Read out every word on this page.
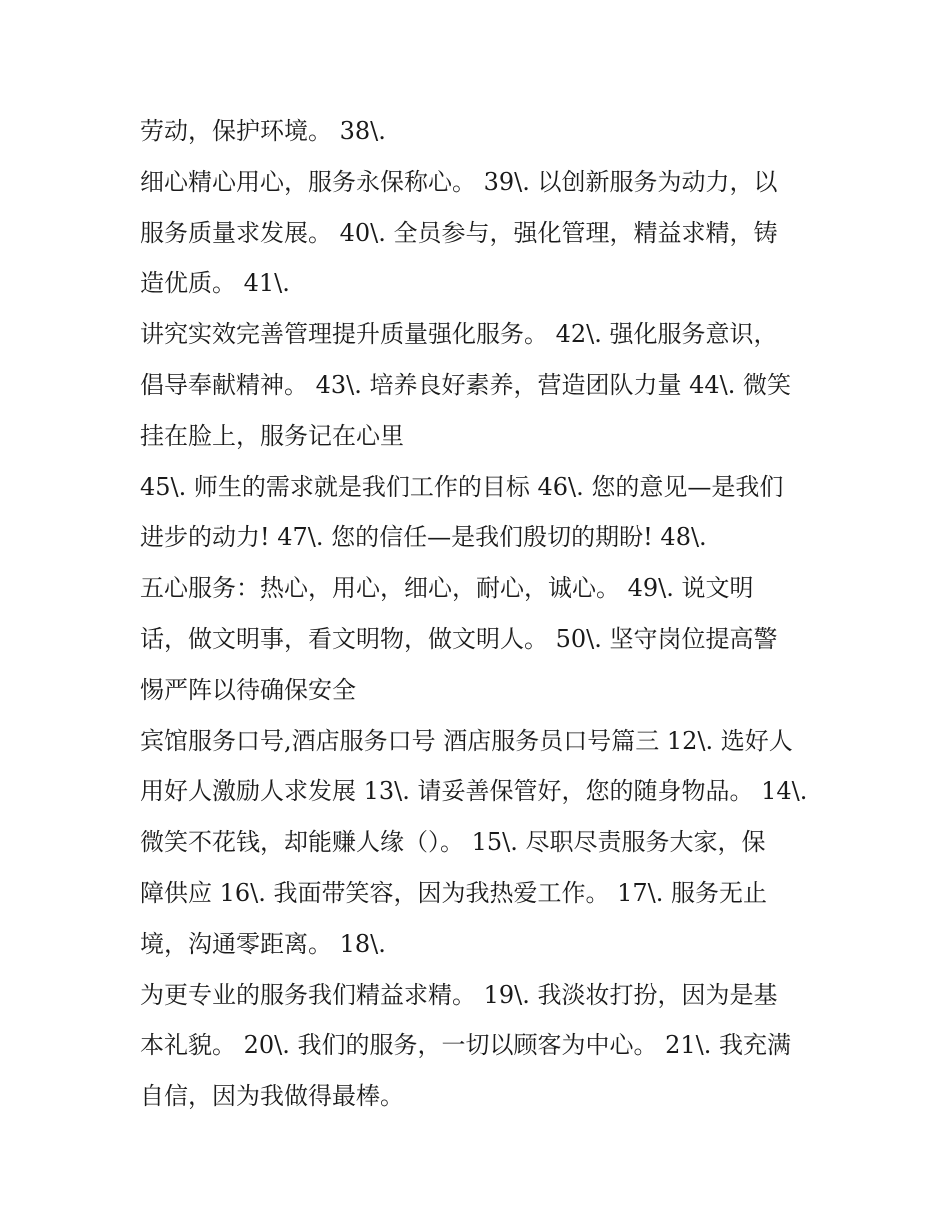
劳动，保护环境。 38\.
细心精心用心，服务永保称心。 39\. 以创新服务为动力，以
服务质量求发展。 40\. 全员参与，强化管理，精益求精，铸
造优质。 41\.
讲究实效完善管理提升质量强化服务。 42\. 强化服务意识，
倡导奉献精神。 43\. 培养良好素养，营造团队力量 44\. 微笑
挂在脸上，服务记在心里
45\. 师生的需求就是我们工作的目标 46\. 您的意见—是我们
进步的动力! 47\. 您的信任—是我们殷切的期盼! 48\.
五心服务：热心，用心，细心，耐心，诚心。 49\. 说文明
话，做文明事，看文明物，做文明人。 50\. 坚守岗位提高警
惕严阵以待确保安全
宾馆服务口号,酒店服务口号 酒店服务员口号篇三 12\. 选好人
用好人激励人求发展 13\. 请妥善保管好，您的随身物品。 14\.
微笑不花钱，却能赚人缘（）。 15\. 尽职尽责服务大家，保
障供应 16\. 我面带笑容，因为我热爱工作。 17\. 服务无止
境，沟通零距离。 18\.
为更专业的服务我们精益求精。 19\. 我淡妆打扮，因为是基
本礼貌。 20\. 我们的服务，一切以顾客为中心。 21\. 我充满
自信，因为我做得最棒。
